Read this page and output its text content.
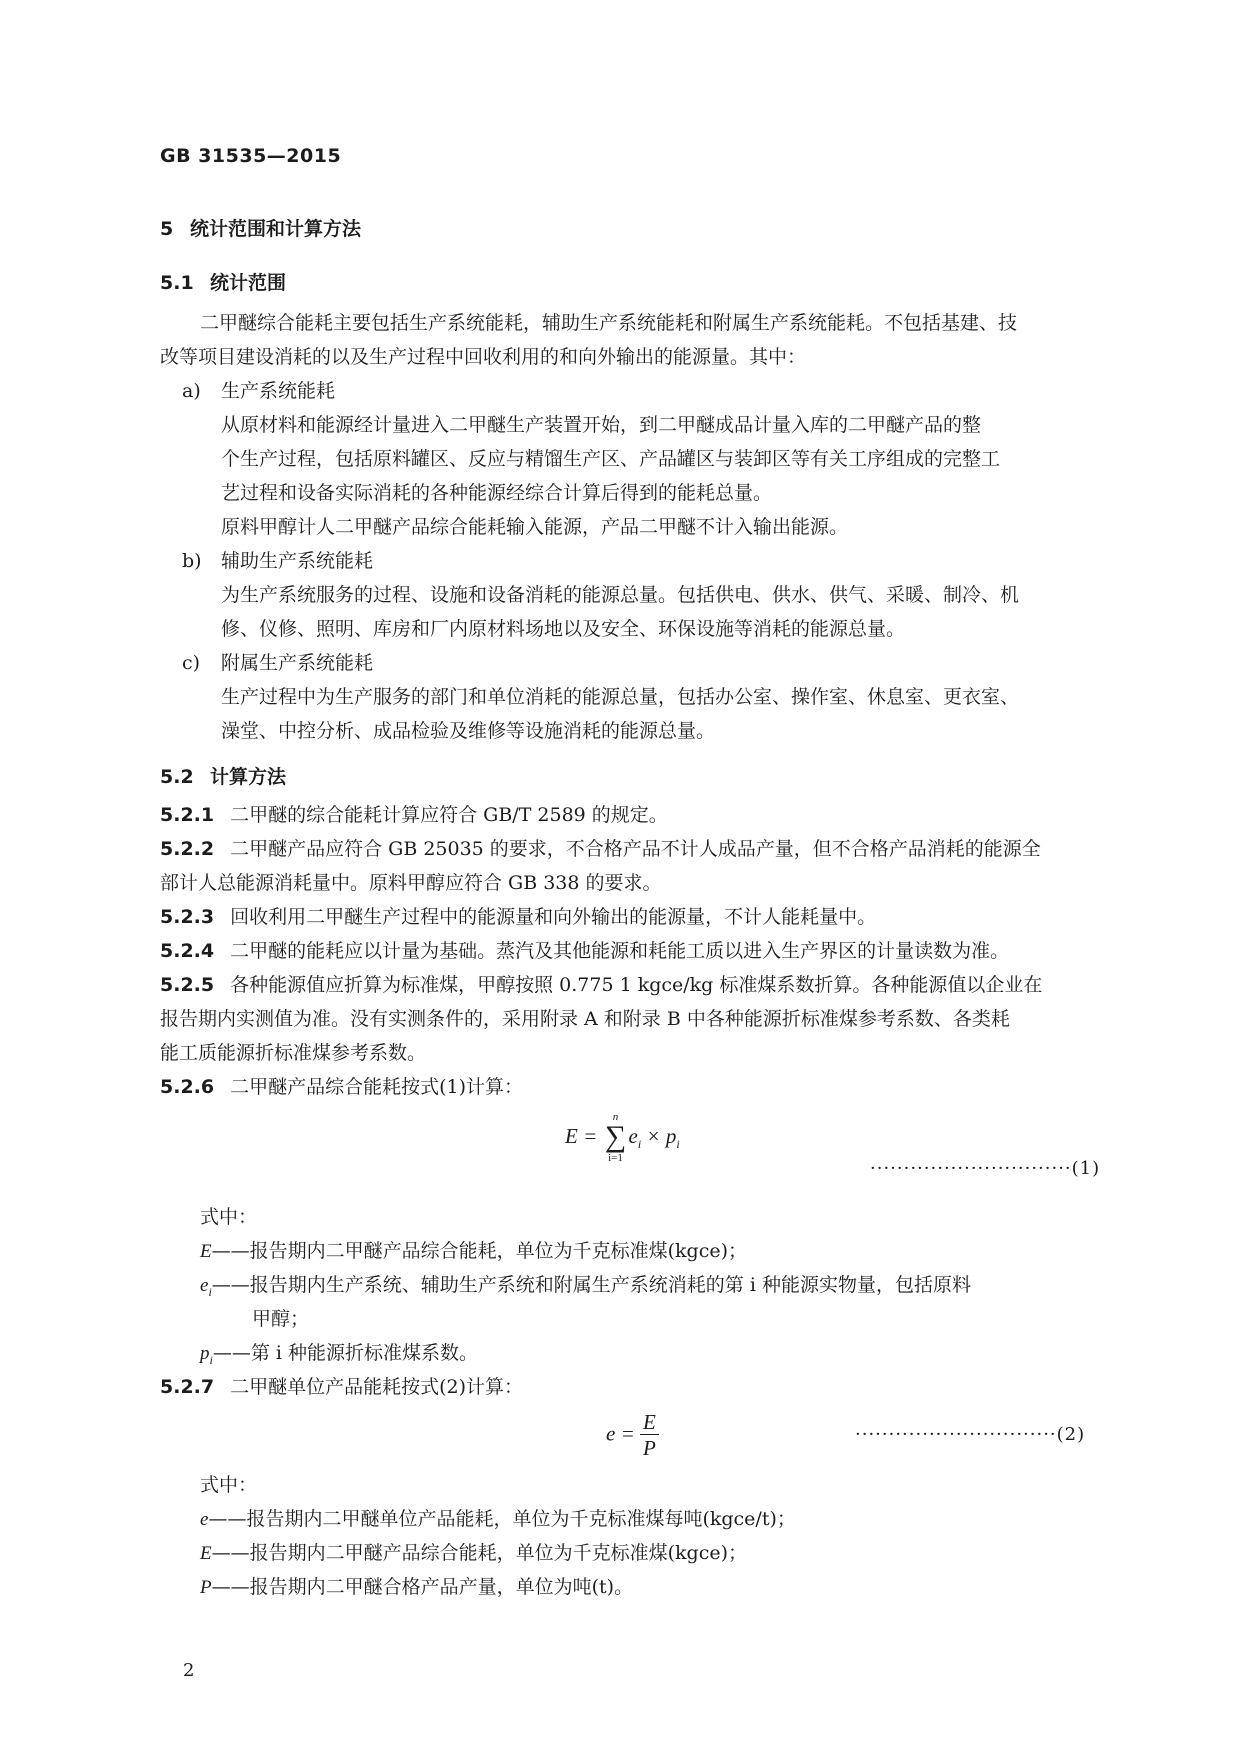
GB 31535—2015
5 统计范围和计算方法
5.1 统计范围
二甲醚综合能耗主要包括生产系统能耗，辅助生产系统能耗和附属生产系统能耗。不包括基建、技
改等项目建设消耗的以及生产过程中回收利用的和向外输出的能源量。其中：
a) 生产系统能耗
从原材料和能源经计量进入二甲醚生产装置开始，到二甲醚成品计量入库的二甲醚产品的整
个生产过程，包括原料罐区、反应与精馏生产区、产品罐区与装卸区等有关工序组成的完整工
艺过程和设备实际消耗的各种能源经综合计算后得到的能耗总量。
原料甲醇计人二甲醚产品综合能耗输入能源，产品二甲醚不计入输出能源。
b) 辅助生产系统能耗
为生产系统服务的过程、设施和设备消耗的能源总量。包括供电、供水、供气、采暖、制冷、机
修、仪修、照明、库房和厂内原材料场地以及安全、环保设施等消耗的能源总量。
c) 附属生产系统能耗
生产过程中为生产服务的部门和单位消耗的能源总量，包括办公室、操作室、休息室、更衣室、
澡堂、中控分析、成品检验及维修等设施消耗的能源总量。
5.2 计算方法
5.2.1 二甲醚的综合能耗计算应符合 GB/T 2589 的规定。
5.2.2 二甲醚产品应符合 GB 25035 的要求，不合格产品不计人成品产量，但不合格产品消耗的能源全
部计人总能源消耗量中。原料甲醇应符合 GB 338 的要求。
5.2.3 回收利用二甲醚生产过程中的能源量和向外输出的能源量，不计人能耗量中。
5.2.4 二甲醚的能耗应以计量为基础。蒸汽及其他能源和耗能工质以进入生产界区的计量读数为准。
5.2.5 各种能源值应折算为标准煤，甲醇按照 0.775 1 kgce/kg 标准煤系数折算。各种能源值以企业在
报告期内实测值为准。没有实测条件的，采用附录 A 和附录 B 中各种能源折标准煤参考系数、各类耗
能工质能源折标准煤参考系数。
5.2.6 二甲醚产品综合能耗按式(1)计算：
E =
n
∑
i=1
$e_i \times p_i$
······························(1)
式中：
E——报告期内二甲醚产品综合能耗，单位为千克标准煤(kgce)；
$e_i——$报告期内生产系统、辅助生产系统和附属生产系统消耗的第 i 种能源实物量，包括原料
甲醇；
$p_i——$第 i 种能源折标准煤系数。
5.2.7 二甲醚单位产品能耗按式(2)计算：
$e = \frac{E}{P}$	······························(2)
式中：
e——报告期内二甲醚单位产品能耗，单位为千克标准煤每吨(kgce/t)；
E——报告期内二甲醚产品综合能耗，单位为千克标准煤(kgce)；
P——报告期内二甲醚合格产品产量，单位为吨(t)。
2
